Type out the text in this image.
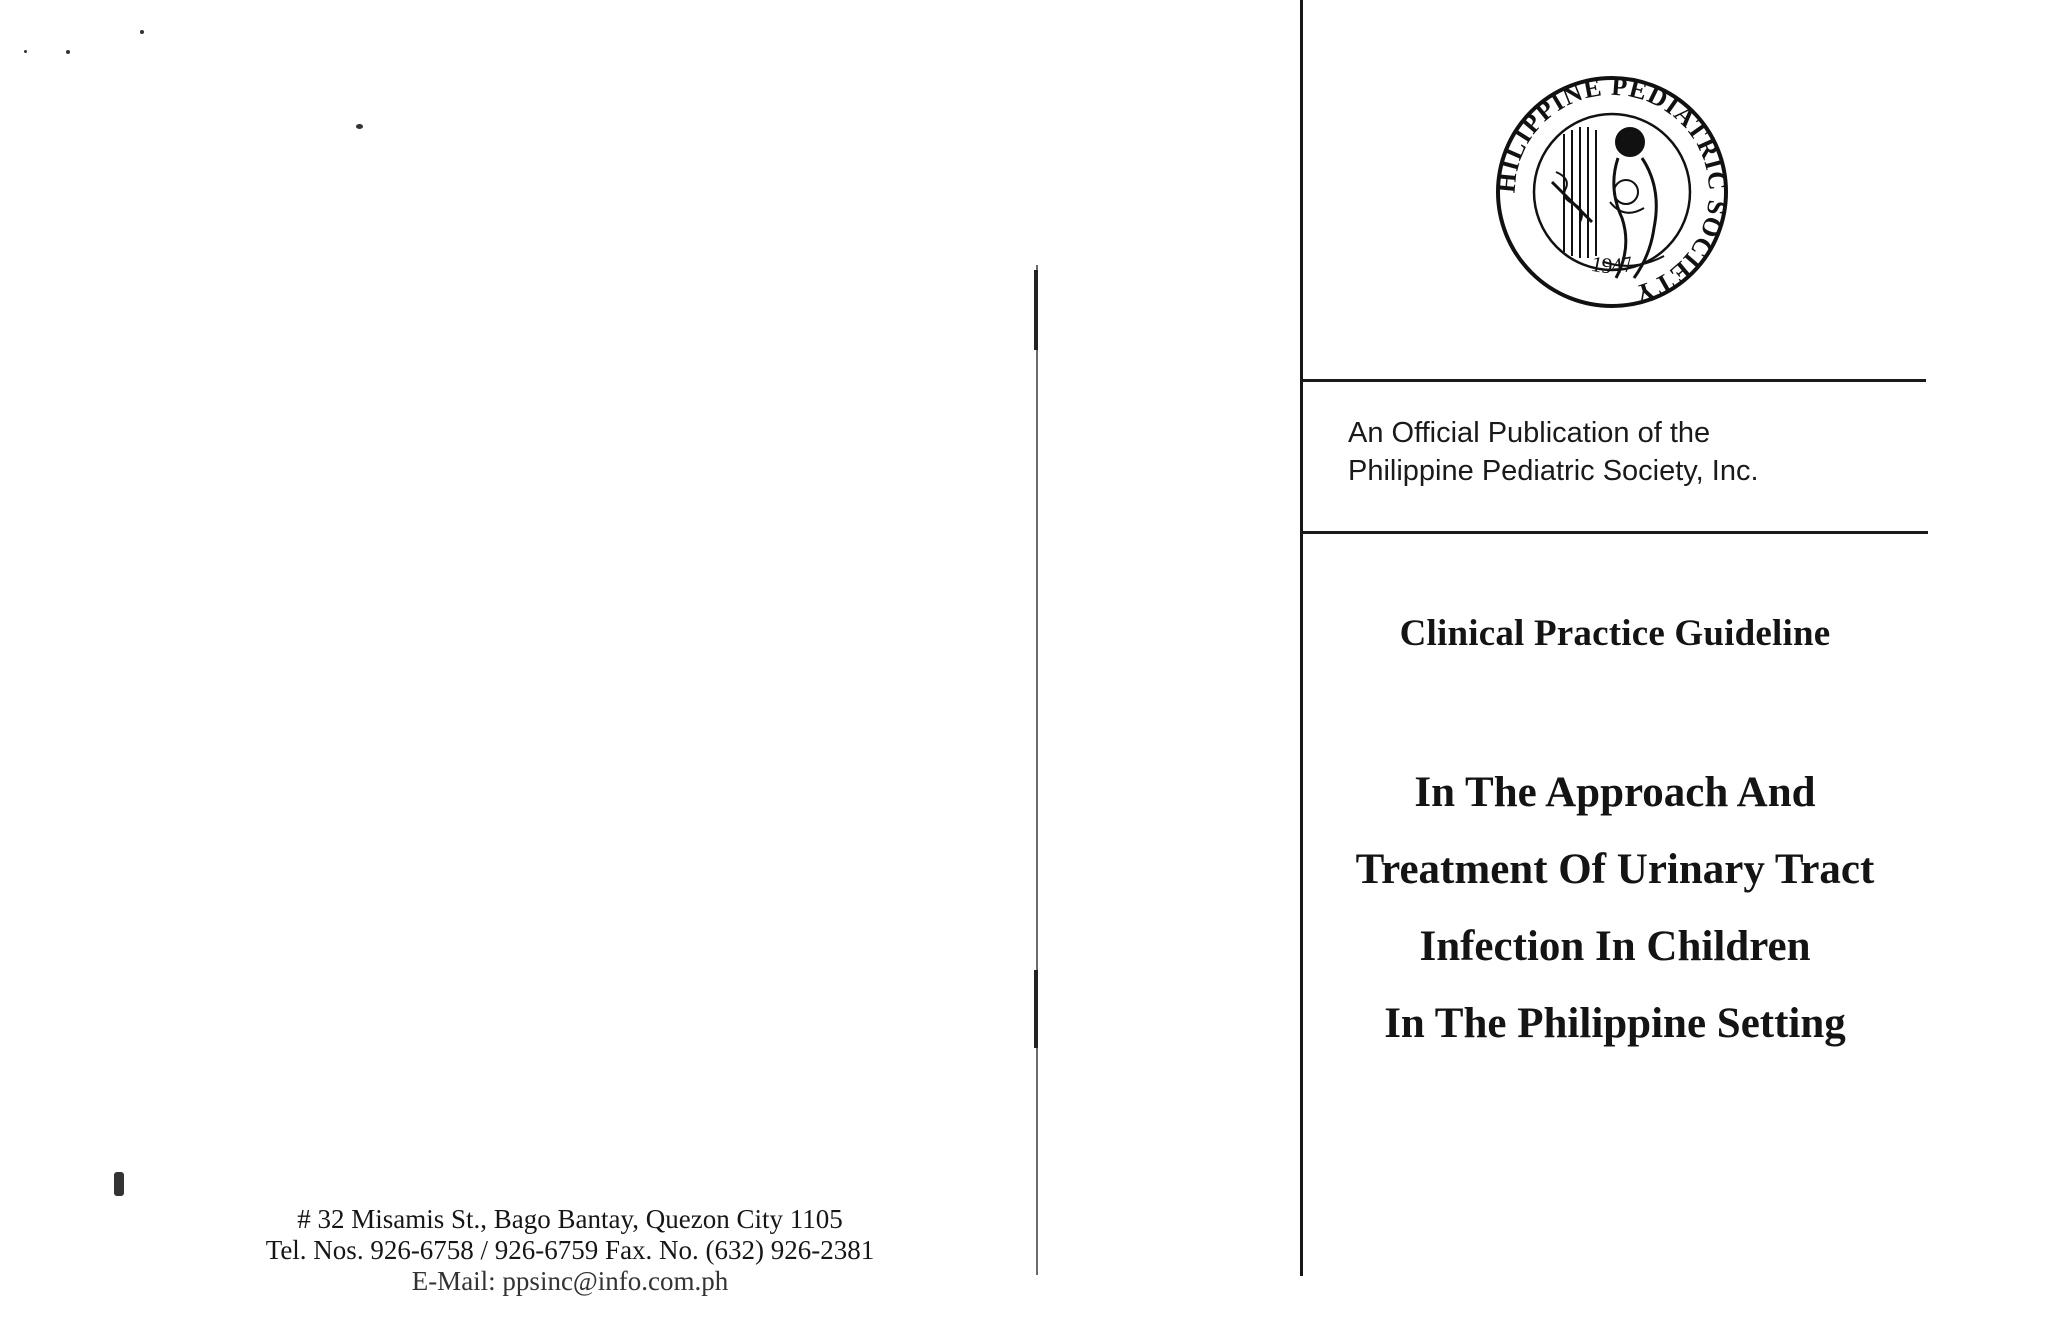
# 32 Misamis St., Bago Bantay, Quezon City 1105
Tel. Nos. 926-6758 / 926-6759 Fax. No. (632) 926-2381
E-Mail: ppsinc@info.com.ph
HILIPPINE PEDIATRIC SOCIETY
1947
An Official Publication of the
Philippine Pediatric Society, Inc.
Clinical Practice Guideline
In The Approach And
Treatment Of Urinary Tract
Infection In Children
In The Philippine Setting
